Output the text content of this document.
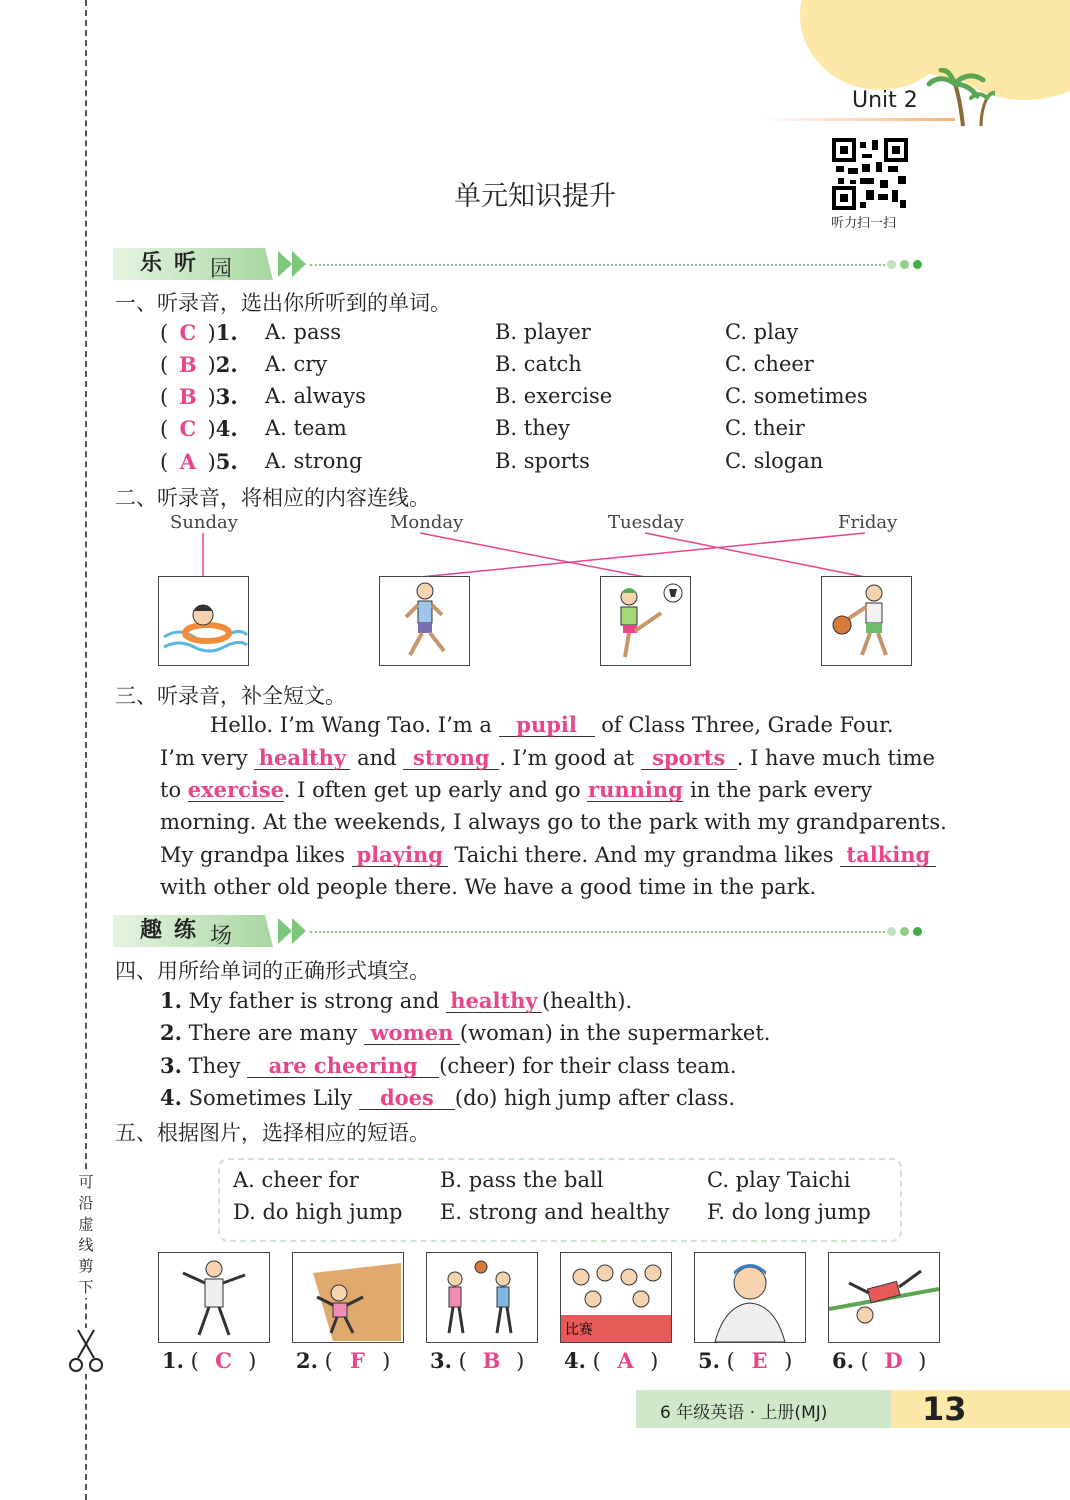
Unit 2
听力扫一扫
单元知识提升
乐 听 园
一、听录音，选出你所听到的单词。
( C )1. A. pass	B. player	C. play
( B )2. A. cry	B. catch	C. cheer
( B )3. A. always	B. exercise	C. sometimes
( C )4. A. team	B. they	C. their
( A )5. A. strong	B. sports	C. slogan
二、听录音，将相应的内容连线。
Sunday	Monday	Tuesday	Friday
三、听录音，补全短文。
Hello. I’m Wang Tao. I’m a pupil of Class Three, Grade Four.
I’m very healthy and strong . I’m good at sports . I have much time
to exercise. I often get up early and go running in the park every
morning. At the weekends, I always go to the park with my grandparents.
My grandpa likes playing Taichi there. And my grandma likes talking
with other old people there. We have a good time in the park.
趣 练 场
四、用所给单词的正确形式填空。
1. My father is strong and healthy (health).
2. There are many women (woman) in the supermarket.
3. They are cheering (cheer) for their class team.
4. Sometimes Lily does (do) high jump after class.
五、根据图片，选择相应的短语。
A. cheer for	B. pass the ball	C. play Taichi
D. do high jump E. strong and healthy F. do long jump
比赛
1. ( C ) 2. ( F ) 3. ( B ) 4. ( A ) 5. ( E ) 6. ( D )
可
沿
虚
线
剪
下
6 年级英语 · 上册(MJ)	13
